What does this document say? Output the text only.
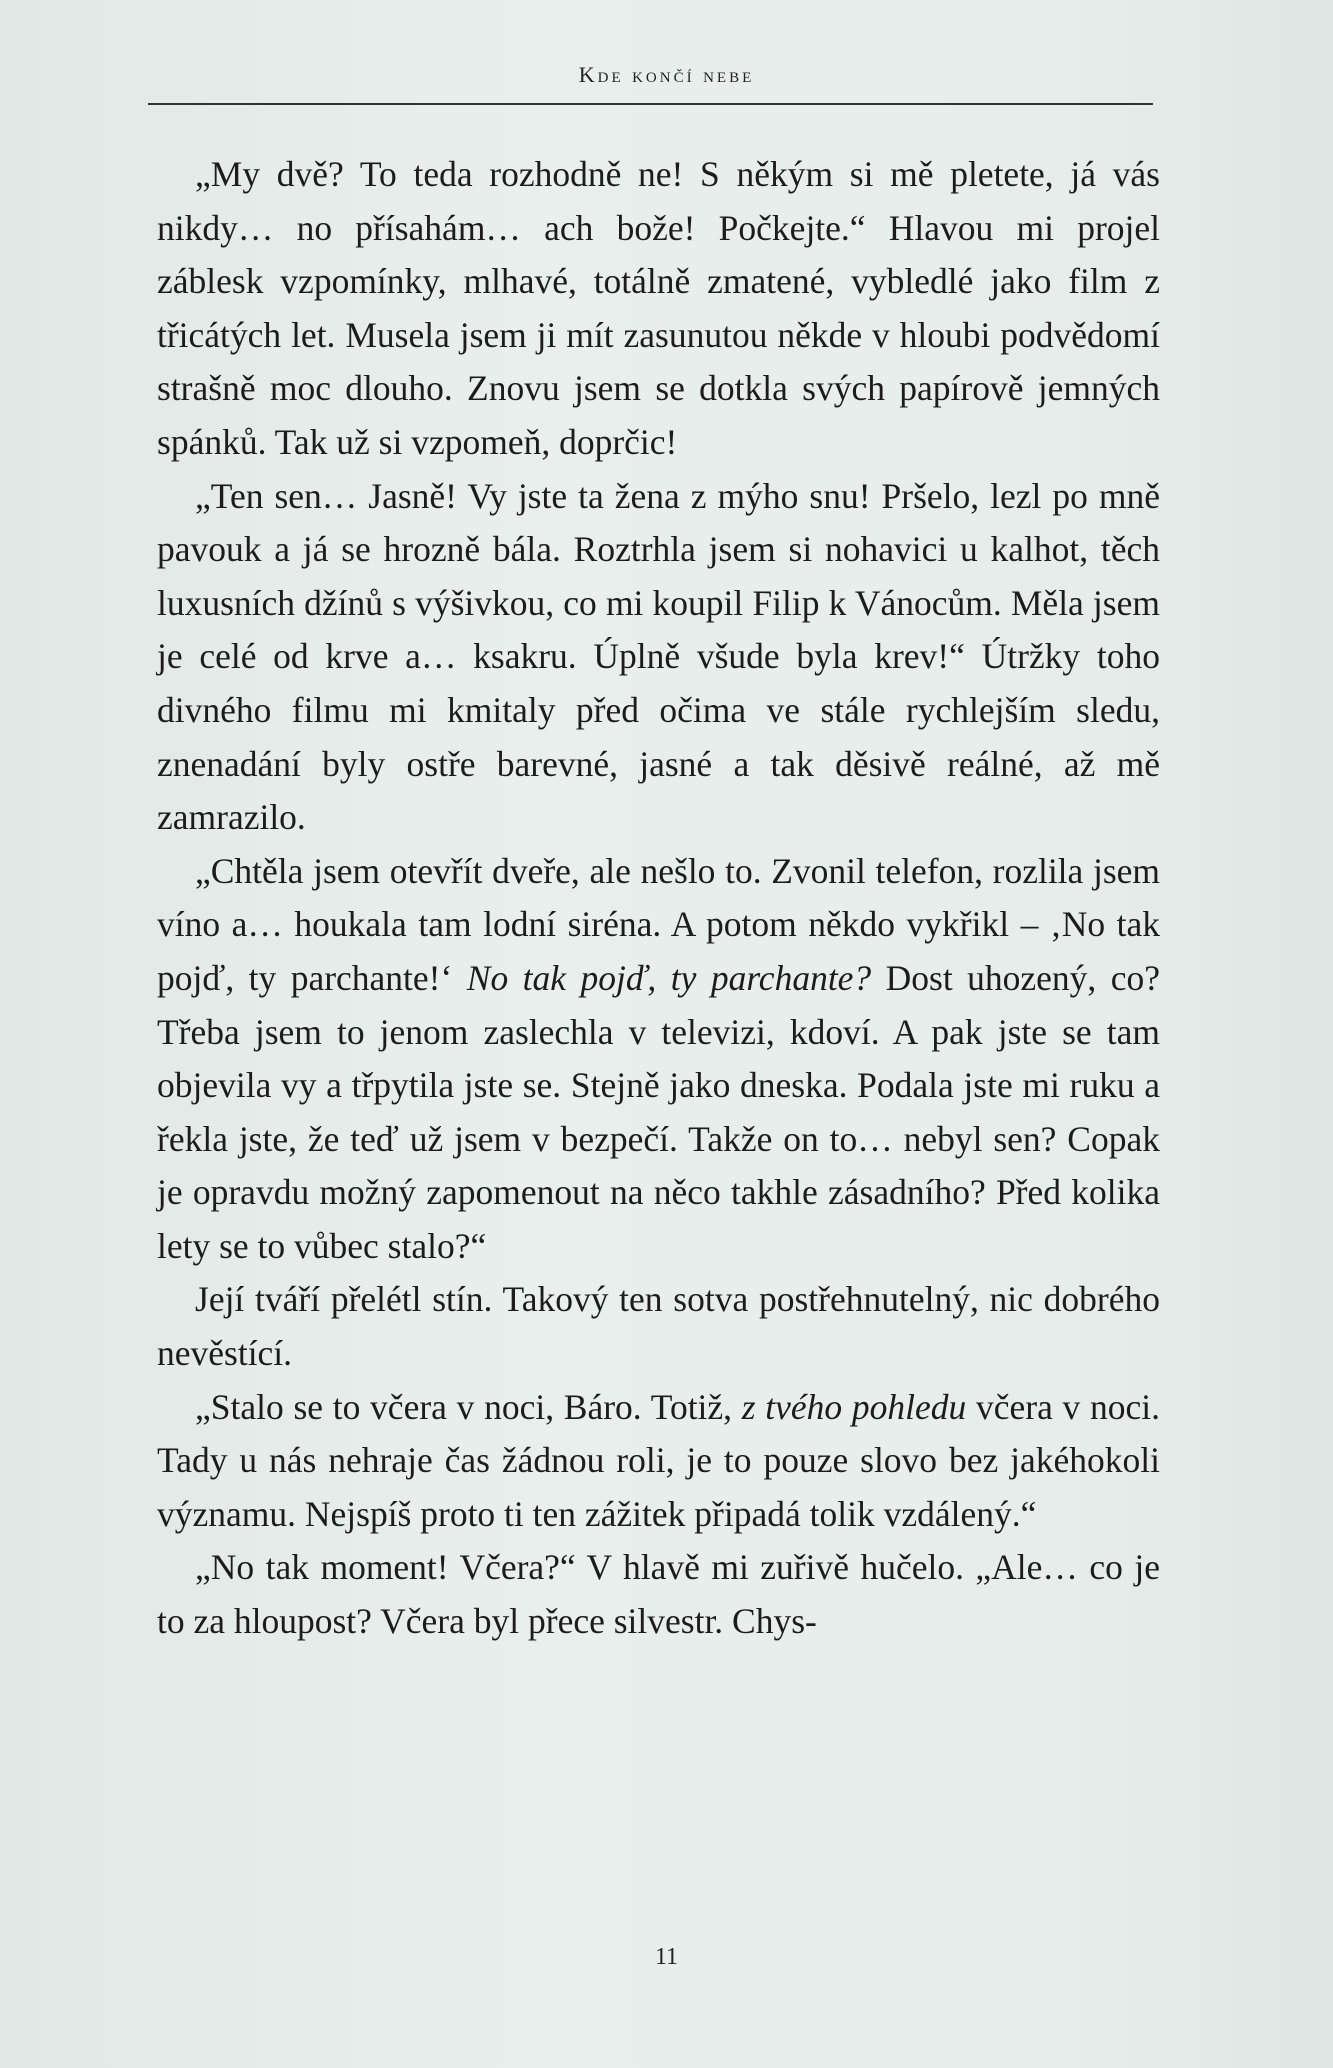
Kde končí nebe

„My dvě? To teda rozhodně ne! S někým si mě pletete, já vás nikdy… no přísahám… ach bože! Počkejte.“ Hlavou mi projel záblesk vzpomínky, mlhavé, totálně zmatené, vybledlé jako film z třicátých let. Musela jsem ji mít zasunutou někde v hloubi podvědomí strašně moc dlouho. Znovu jsem se dotkla svých papírově jemných spánků. Tak už si vzpomeň, doprčic!

„Ten sen… Jasně! Vy jste ta žena z mýho snu! Pršelo, lezl po mně pavouk a já se hrozně bála. Roztrhla jsem si nohavici u kalhot, těch luxusních džínů s výšivkou, co mi koupil Filip k Vánocům. Měla jsem je celé od krve a… ksakru. Úplně všude byla krev!“ Útržky toho divného filmu mi kmitaly před očima ve stále rychlejším sledu, znenadání byly ostře barevné, jasné a tak děsivě reálné, až mě zamrazilo.

„Chtěla jsem otevřít dveře, ale nešlo to. Zvonil telefon, rozlila jsem víno a… houkala tam lodní siréna. A potom někdo vykřikl – ‚No tak pojď, ty parchante!‘ No tak pojď, ty parchante? Dost uhozený, co? Třeba jsem to jenom zaslechla v televizi, kdoví. A pak jste se tam objevila vy a třpytila jste se. Stejně jako dneska. Podala jste mi ruku a řekla jste, že teď už jsem v bezpečí. Takže on to… nebyl sen? Copak je opravdu možný zapomenout na něco takhle zásadního? Před kolika lety se to vůbec stalo?“

Její tváří přelétl stín. Takový ten sotva postřehnutelný, nic dobrého nevěstící.

„Stalo se to včera v noci, Báro. Totiž, z tvého pohledu včera v noci. Tady u nás nehraje čas žádnou roli, je to pouze slovo bez jakéhokoli významu. Nejspíš proto ti ten zážitek připadá tolik vzdálený.“

„No tak moment! Včera?“ V hlavě mi zuřivě hučelo. „Ale… co je to za hloupost? Včera byl přece silvestr. Chys-

11
